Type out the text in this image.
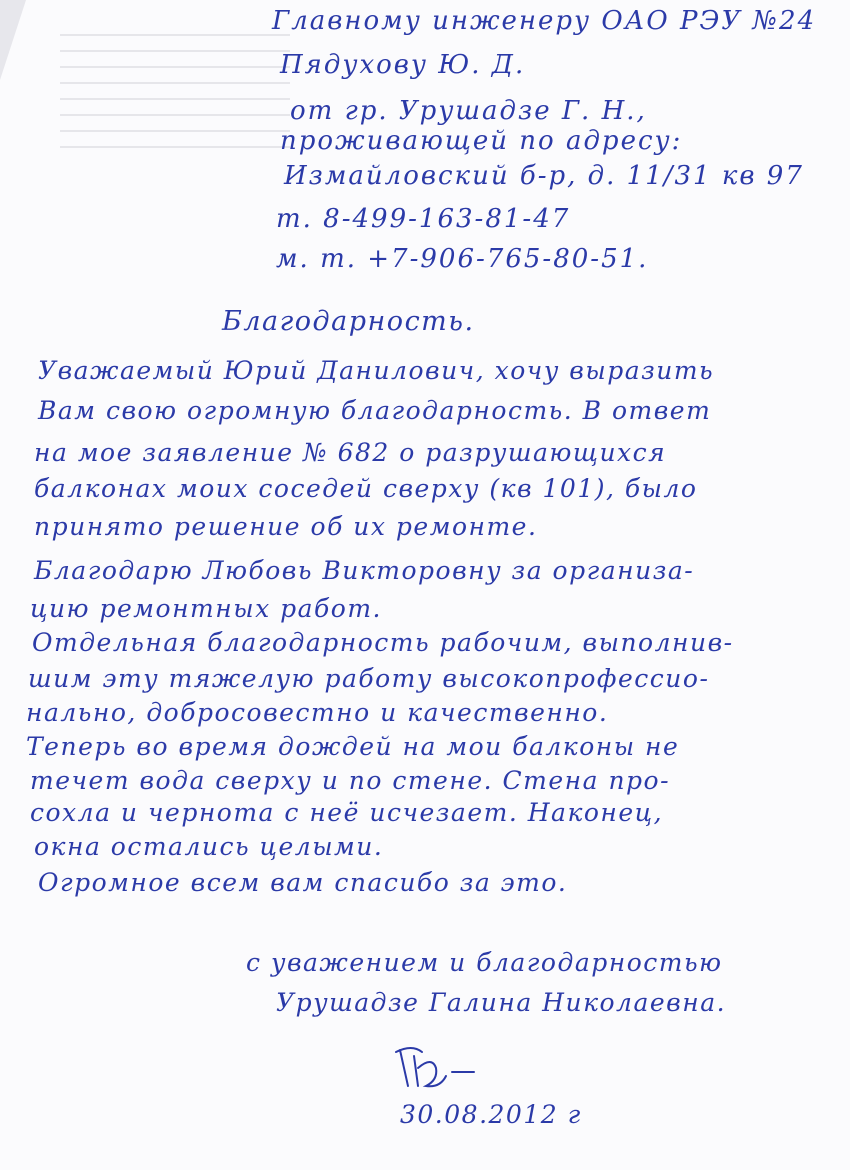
Главному инженеру ОАО РЭУ №24
Пядухову Ю. Д.
от гр. Урушадзе Г. Н.,
проживающей по адресу:
Измайловский б-р, д. 11/31 кв 97
т. 8-499-163-81-47
м. т. +7-906-765-80-51.
Благодарность.
Уважаемый Юрий Данилович, хочу выразить
Вам свою огромную благодарность. В ответ
на мое заявление № 682 о разрушающихся
балконах моих соседей сверху (кв 101), было
принято решение об их ремонте.
Благодарю Любовь Викторовну за организа-
цию ремонтных работ.
Отдельная благодарность рабочим, выполнив-
шим эту тяжелую работу высокопрофессио-
нально, добросовестно и качественно.
Теперь во время дождей на мои балконы не
течет вода сверху и по стене. Стена про-
сохла и чернота с неё исчезает. Наконец,
окна остались целыми.
Огромное всем вам спасибо за это.
с уважением и благодарностью
Урушадзе Галина Николаевна.
30.08.2012 г
